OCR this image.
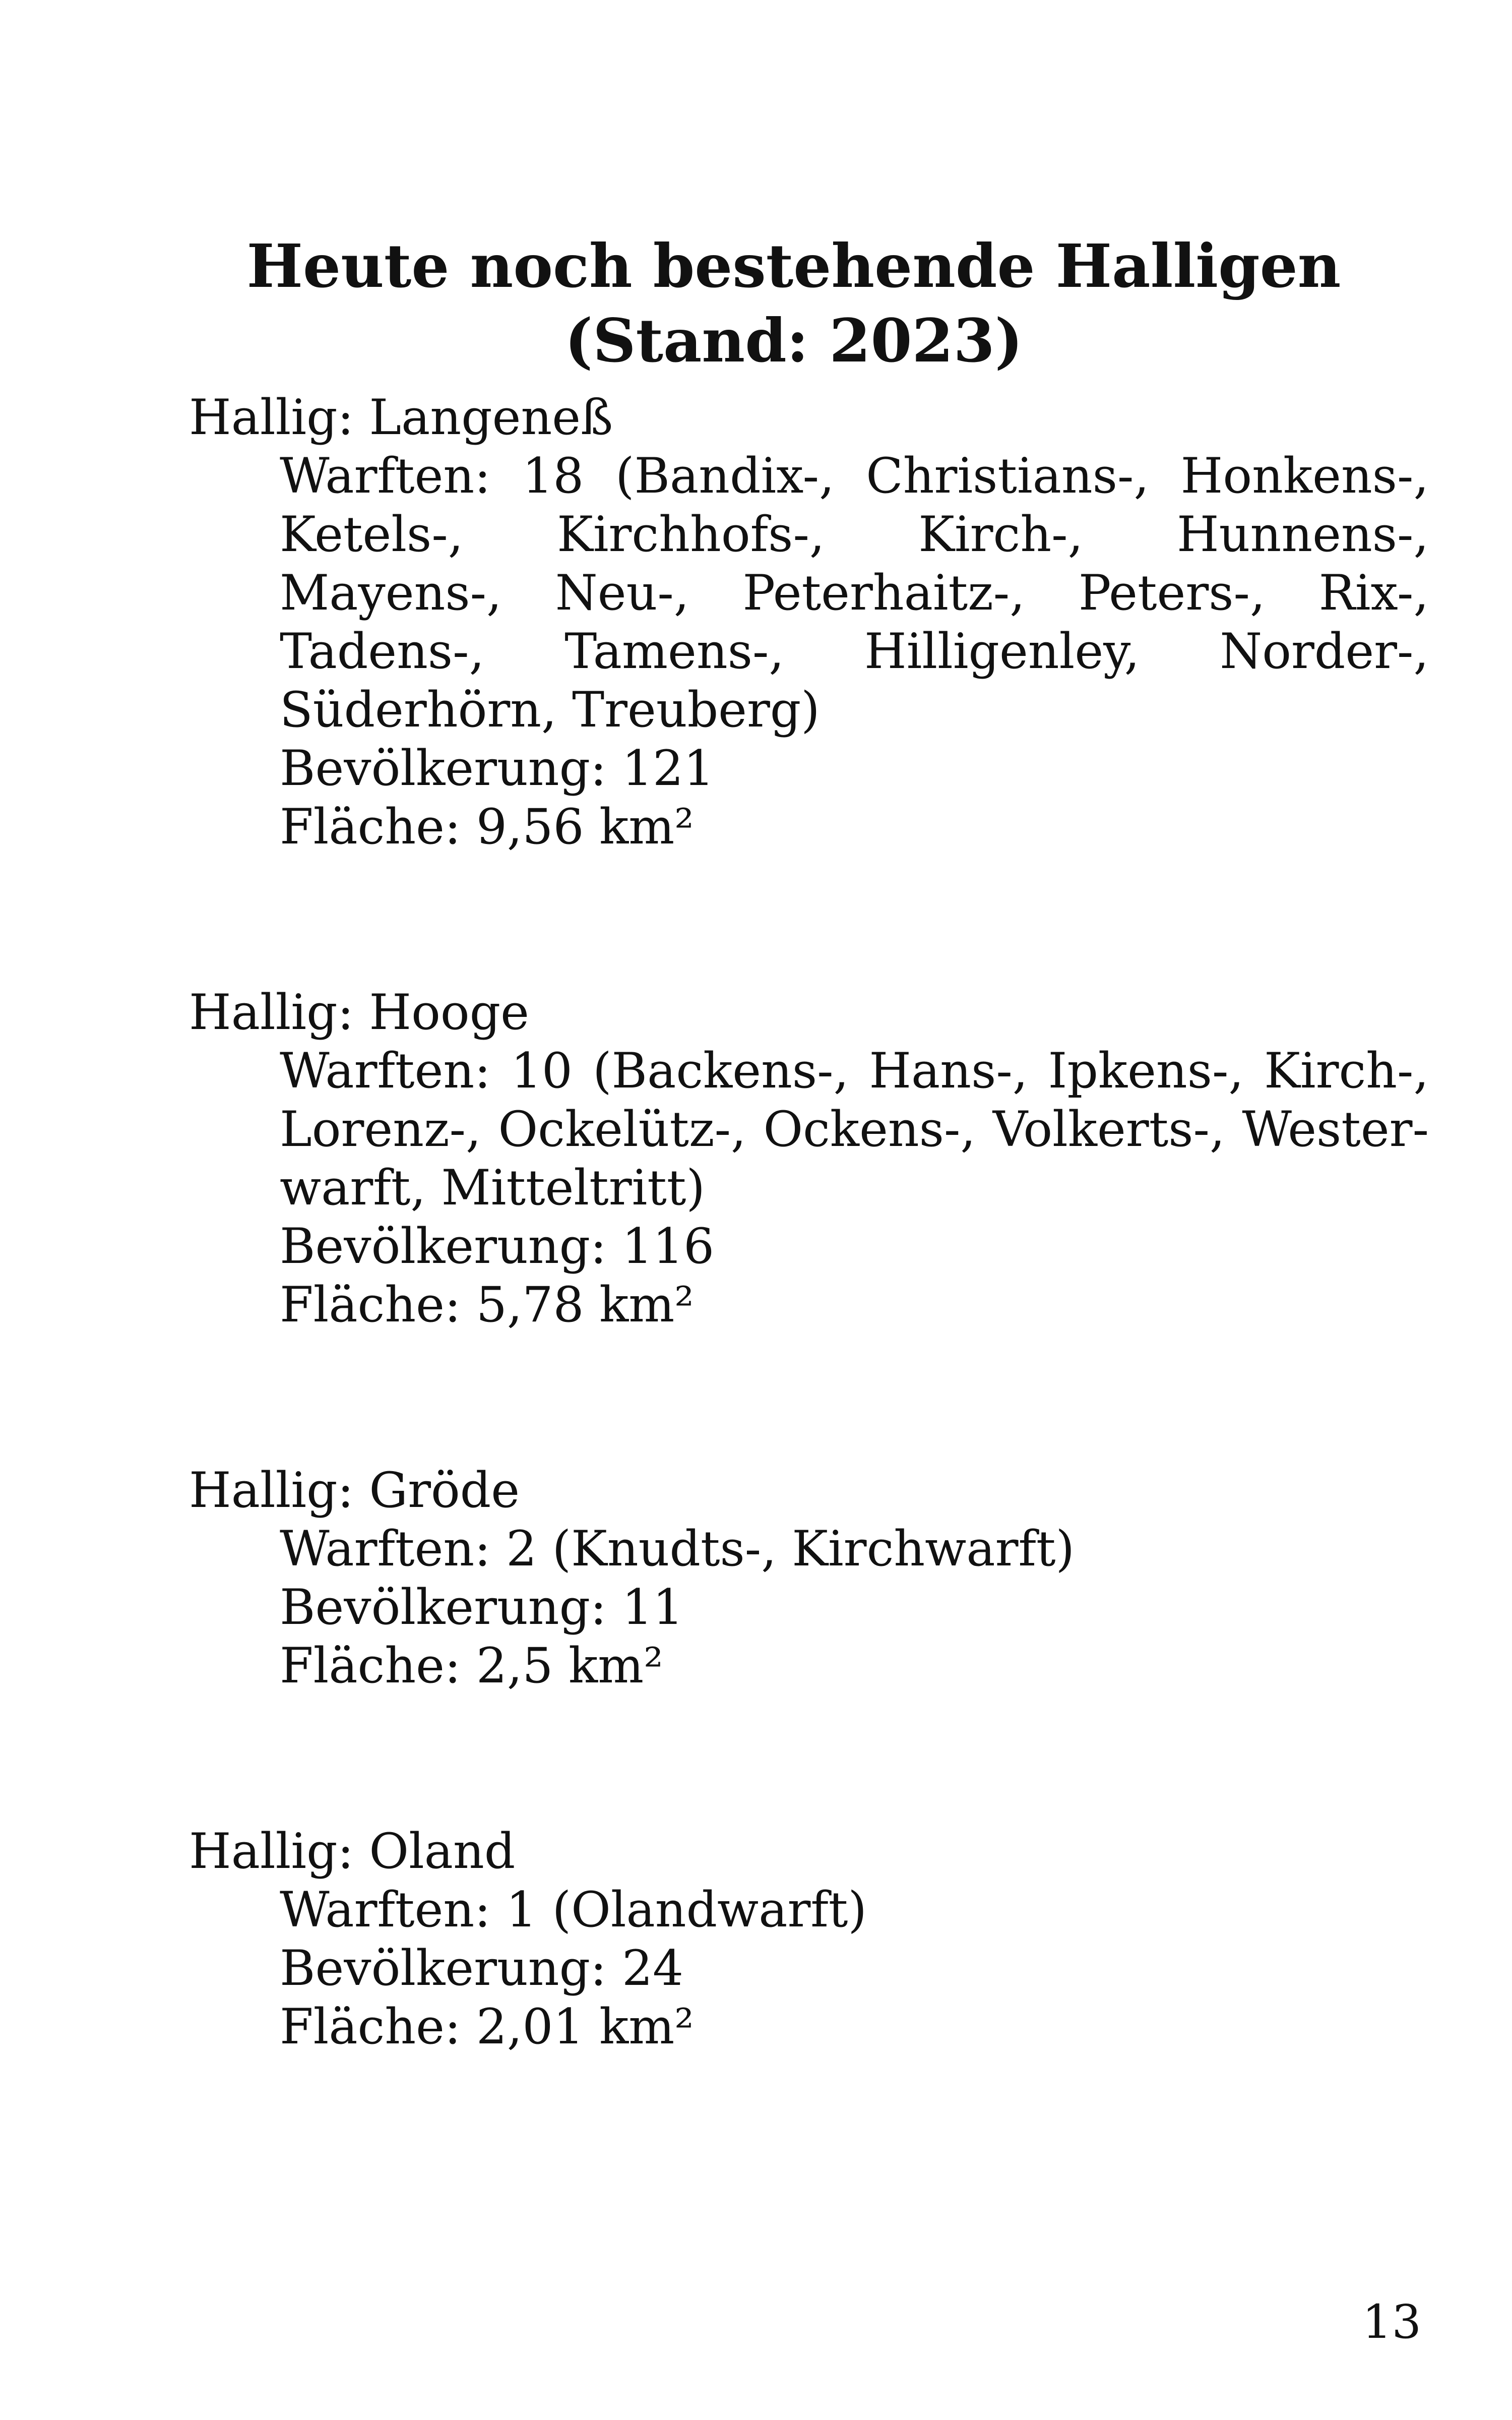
Heute noch bestehende Halligen
(Stand: 2023)
Hallig: Langeneß
Warften: 18 (Bandix-, Christians-, Honkens-, Ketels-, Kirchhofs-, Kirch-, Hunnens-, Mayens-, Neu-, Peterhaitz-, Peters-, Rix-, Tadens-, Tamens-, Hilligenley, Norder-, Süderhörn, Treuberg)
Bevölkerung: 121
Fläche: 9,56 km²
Hallig: Hooge
Warften: 10 (Backens-, Hans-, Ipkens-, Kirch-, Lorenz-, Ockelütz-, Ockens-, Volkerts-, Westerwarft, Mitteltritt)
Bevölkerung: 116
Fläche: 5,78 km²
Hallig: Gröde
Warften: 2 (Knudts-, Kirchwarft)
Bevölkerung: 11
Fläche: 2,5 km²
Hallig: Oland
Warften: 1 (Olandwarft)
Bevölkerung: 24
Fläche: 2,01 km²
13
